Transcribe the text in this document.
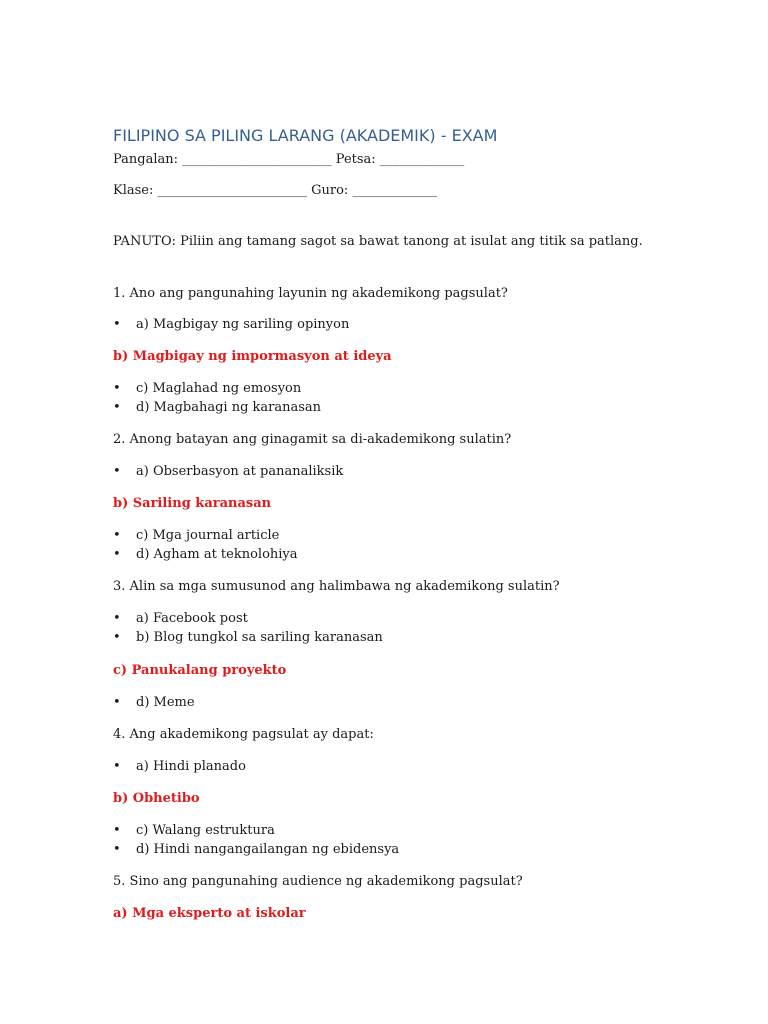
FILIPINO SA PILING LARANG (AKADEMIK) - EXAM
Pangalan: _______________________ Petsa: _____________
Klase: _______________________ Guro: _____________
PANUTO: Piliin ang tamang sagot sa bawat tanong at isulat ang titik sa patlang.
1. Ano ang pangunahing layunin ng akademikong pagsulat?
• a) Magbigay ng sariling opinyon
b) Magbigay ng impormasyon at ideya
• c) Maglahad ng emosyon
• d) Magbahagi ng karanasan
2. Anong batayan ang ginagamit sa di-akademikong sulatin?
• a) Obserbasyon at pananaliksik
b) Sariling karanasan
• c) Mga journal article
• d) Agham at teknolohiya
3. Alin sa mga sumusunod ang halimbawa ng akademikong sulatin?
• a) Facebook post
• b) Blog tungkol sa sariling karanasan
c) Panukalang proyekto
• d) Meme
4. Ang akademikong pagsulat ay dapat:
• a) Hindi planado
b) Obhetibo
• c) Walang estruktura
• d) Hindi nangangailangan ng ebidensya
5. Sino ang pangunahing audience ng akademikong pagsulat?
a) Mga eksperto at iskolar
